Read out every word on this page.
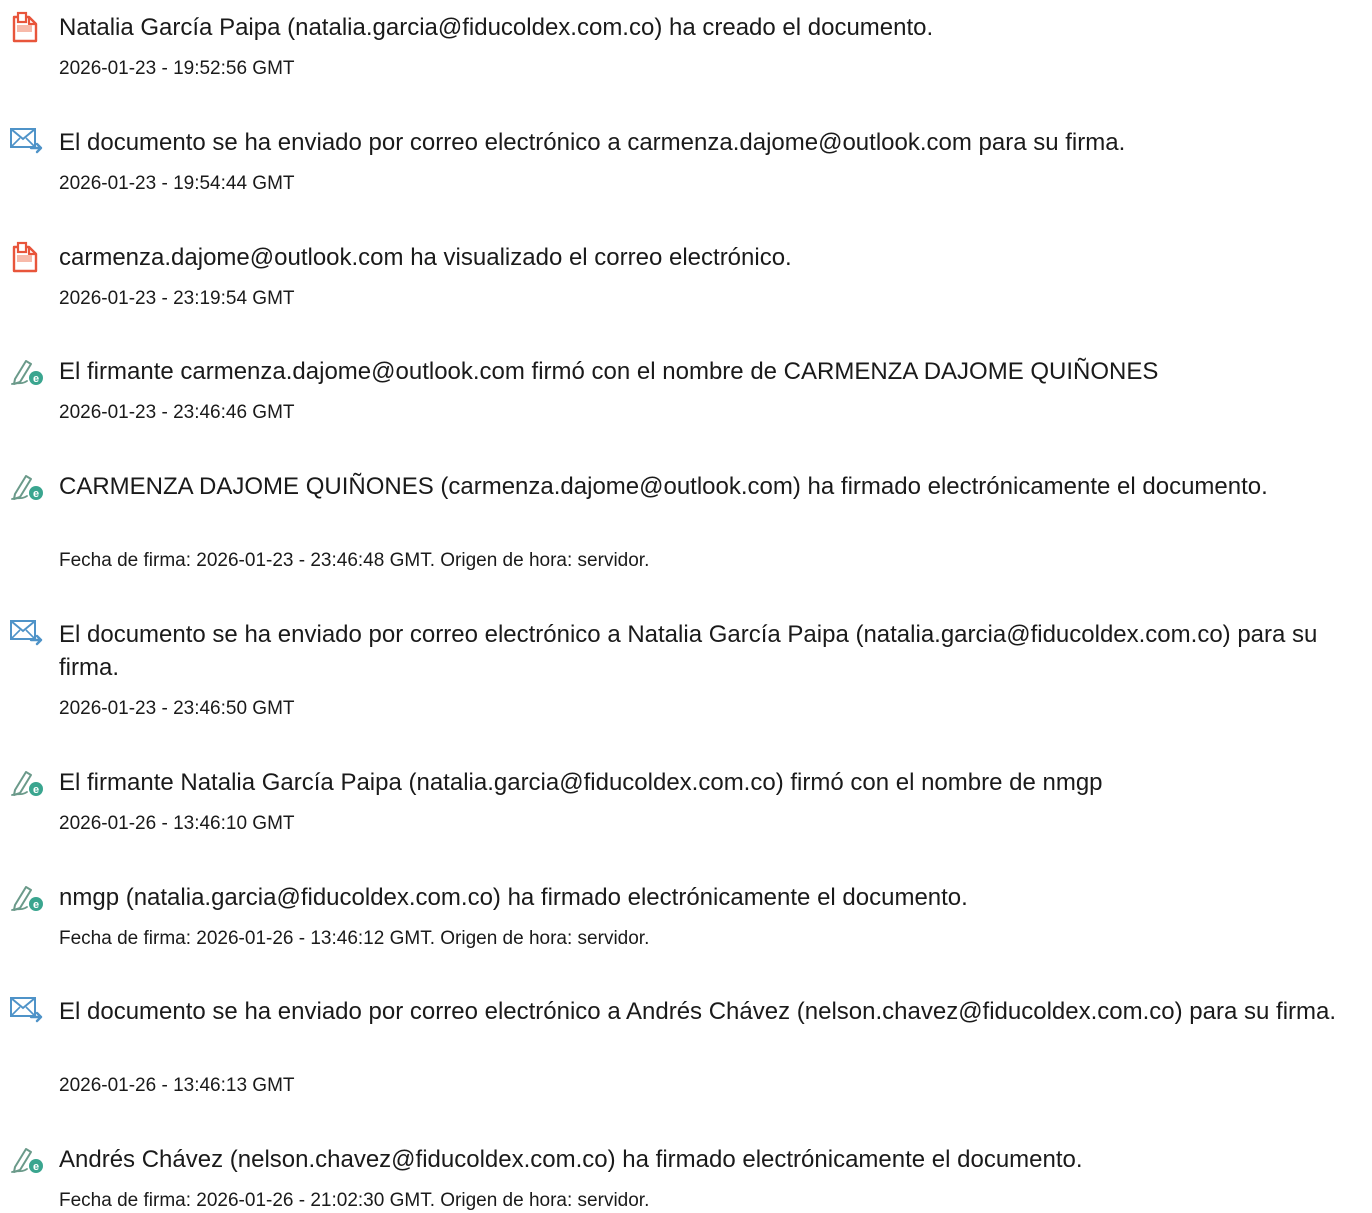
Natalia García Paipa (natalia.garcia@fiducoldex.com.co) ha creado el documento.
2026-01-23 - 19:52:56 GMT
El documento se ha enviado por correo electrónico a carmenza.dajome@outlook.com para su firma.
2026-01-23 - 19:54:44 GMT
carmenza.dajome@outlook.com ha visualizado el correo electrónico.
2026-01-23 - 23:19:54 GMT
e El firmante carmenza.dajome@outlook.com firmó con el nombre de CARMENZA DAJOME QUIÑONES
2026-01-23 - 23:46:46 GMT
e CARMENZA DAJOME QUIÑONES (carmenza.dajome@outlook.com) ha firmado electrónicamente el documento.
Fecha de firma: 2026-01-23 - 23:46:48 GMT. Origen de hora: servidor.
El documento se ha enviado por correo electrónico a Natalia García Paipa (natalia.garcia@fiducoldex.com.co) para su firma.
2026-01-23 - 23:46:50 GMT
e El firmante Natalia García Paipa (natalia.garcia@fiducoldex.com.co) firmó con el nombre de nmgp
2026-01-26 - 13:46:10 GMT
e nmgp (natalia.garcia@fiducoldex.com.co) ha firmado electrónicamente el documento.
Fecha de firma: 2026-01-26 - 13:46:12 GMT. Origen de hora: servidor.
El documento se ha enviado por correo electrónico a Andrés Chávez (nelson.chavez@fiducoldex.com.co) para su firma.
2026-01-26 - 13:46:13 GMT
e Andrés Chávez (nelson.chavez@fiducoldex.com.co) ha firmado electrónicamente el documento.
Fecha de firma: 2026-01-26 - 21:02:30 GMT. Origen de hora: servidor.
